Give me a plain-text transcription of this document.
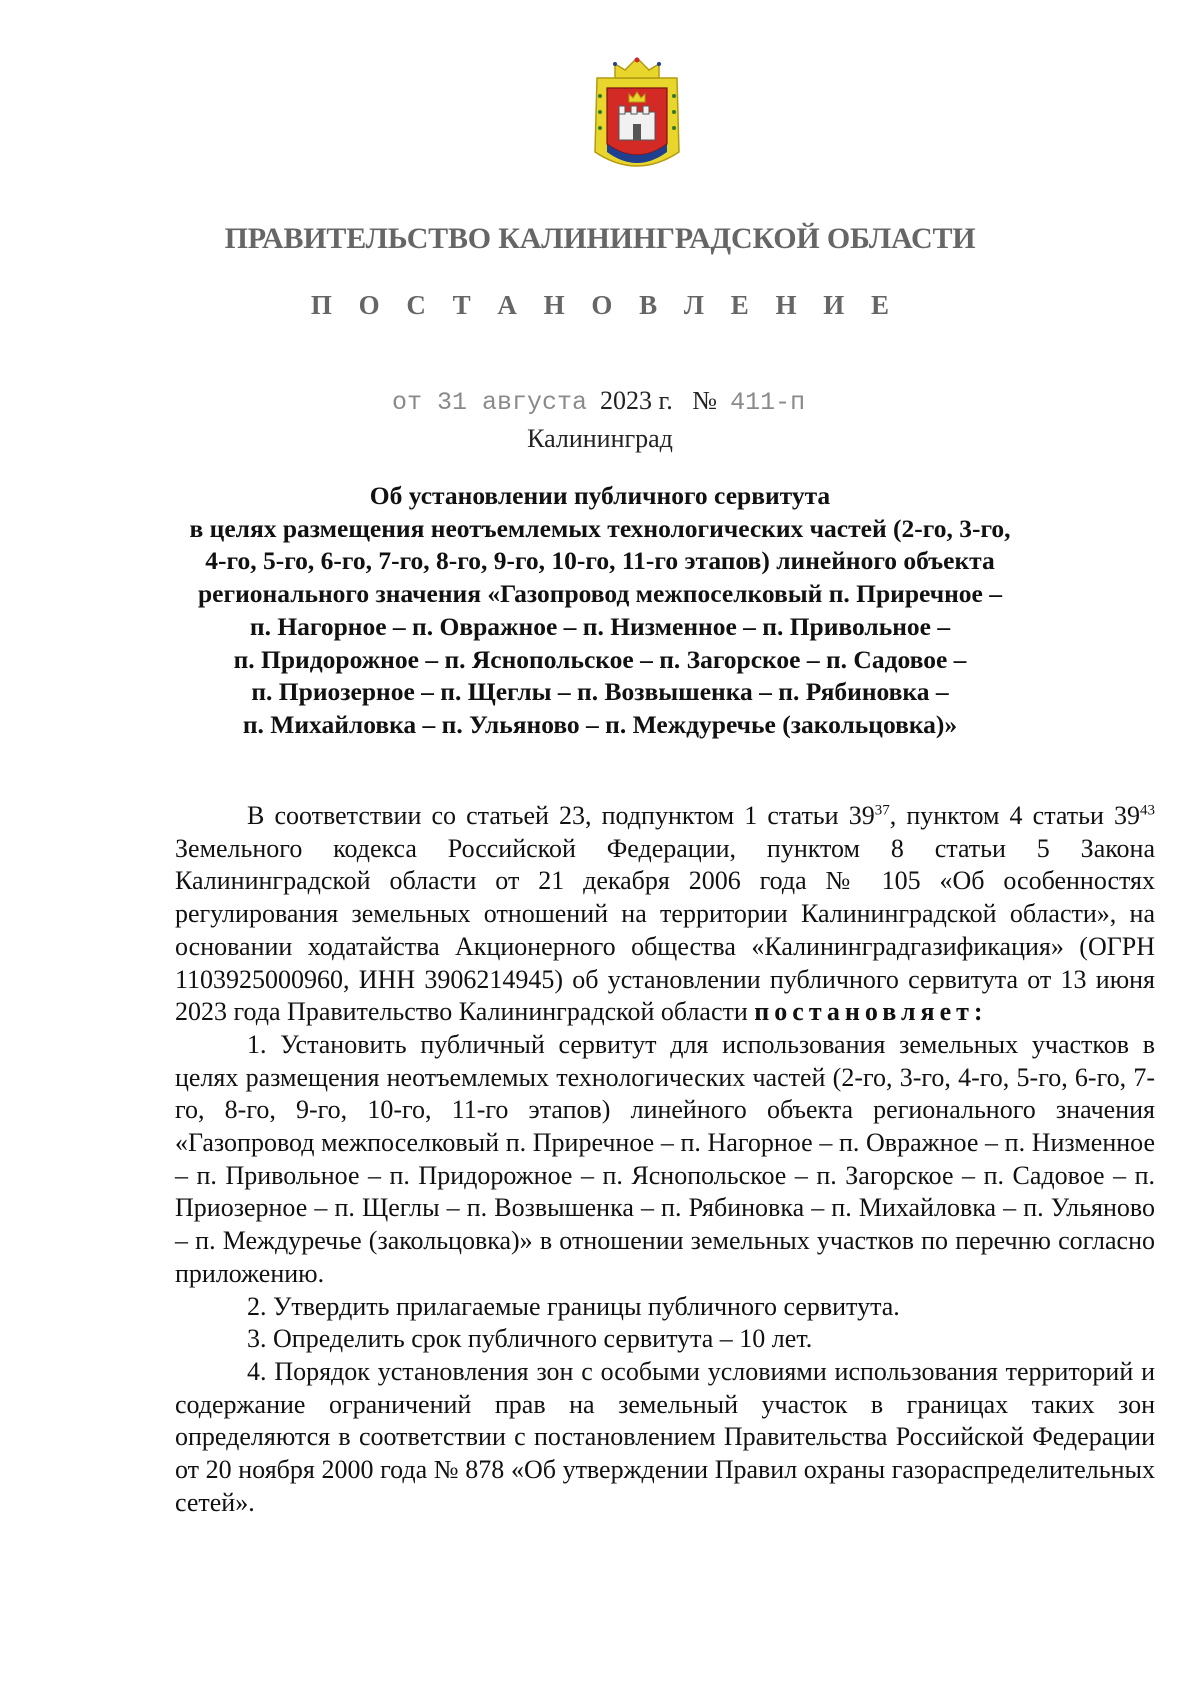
ПРАВИТЕЛЬСТВО КАЛИНИНГРАДСКОЙ ОБЛАСТИ
П О С Т А Н О В Л Е Н И Е
от 31 августа 2023 г. № 411-п
Калининград
Об установлении публичного сервитута
в целях размещения неотъемлемых технологических частей (2-го, 3-го,
4-го, 5-го, 6-го, 7-го, 8-го, 9-го, 10-го, 11-го этапов) линейного объекта
регионального значения «Газопровод межпоселковый п. Приречное –
п. Нагорное – п. Овражное – п. Низменное – п. Привольное –
п. Придорожное – п. Яснопольское – п. Загорское – п. Садовое –
п. Приозерное – п. Щеглы – п. Возвышенка – п. Рябиновка –
п. Михайловка – п. Ульяново – п. Междуречье (закольцовка)»

В соответствии со статьей 23, подпунктом 1 статьи $39^{37}$, пунктом 4 статьи $39^{43}$ Земельного кодекса Российской Федерации, пунктом 8 статьи 5 Закона Калининградской области от 21 декабря 2006 года № 105 «Об особенностях регулирования земельных отношений на территории Калининградской области», на основании ходатайства Акционерного общества «Калининградгазификация» (ОГРН 1103925000960, ИНН 3906214945) об установлении публичного сервитута от 13 июня 2023 года Правительство Калининградской области постановляет:

1. Установить публичный сервитут для использования земельных участков в целях размещения неотъемлемых технологических частей (2-го, 3-го, 4-го, 5-го, 6-го, 7-го, 8-го, 9-го, 10-го, 11-го этапов) линейного объекта регионального значения «Газопровод межпоселковый п. Приречное – п. Нагорное – п. Овражное – п. Низменное – п. Привольное – п. Придорожное – п. Яснопольское – п. Загорское – п. Садовое – п. Приозерное – п. Щеглы – п. Возвышенка – п. Рябиновка – п. Михайловка – п. Ульяново – п. Междуречье (закольцовка)» в отношении земельных участков по перечню согласно приложению.

2. Утвердить прилагаемые границы публичного сервитута.

3. Определить срок публичного сервитута – 10 лет.

4. Порядок установления зон с особыми условиями использования территорий и содержание ограничений прав на земельный участок в границах таких зон определяются в соответствии с постановлением Правительства Российской Федерации от 20 ноября 2000 года № 878 «Об утверждении Правил охраны газораспределительных сетей».
